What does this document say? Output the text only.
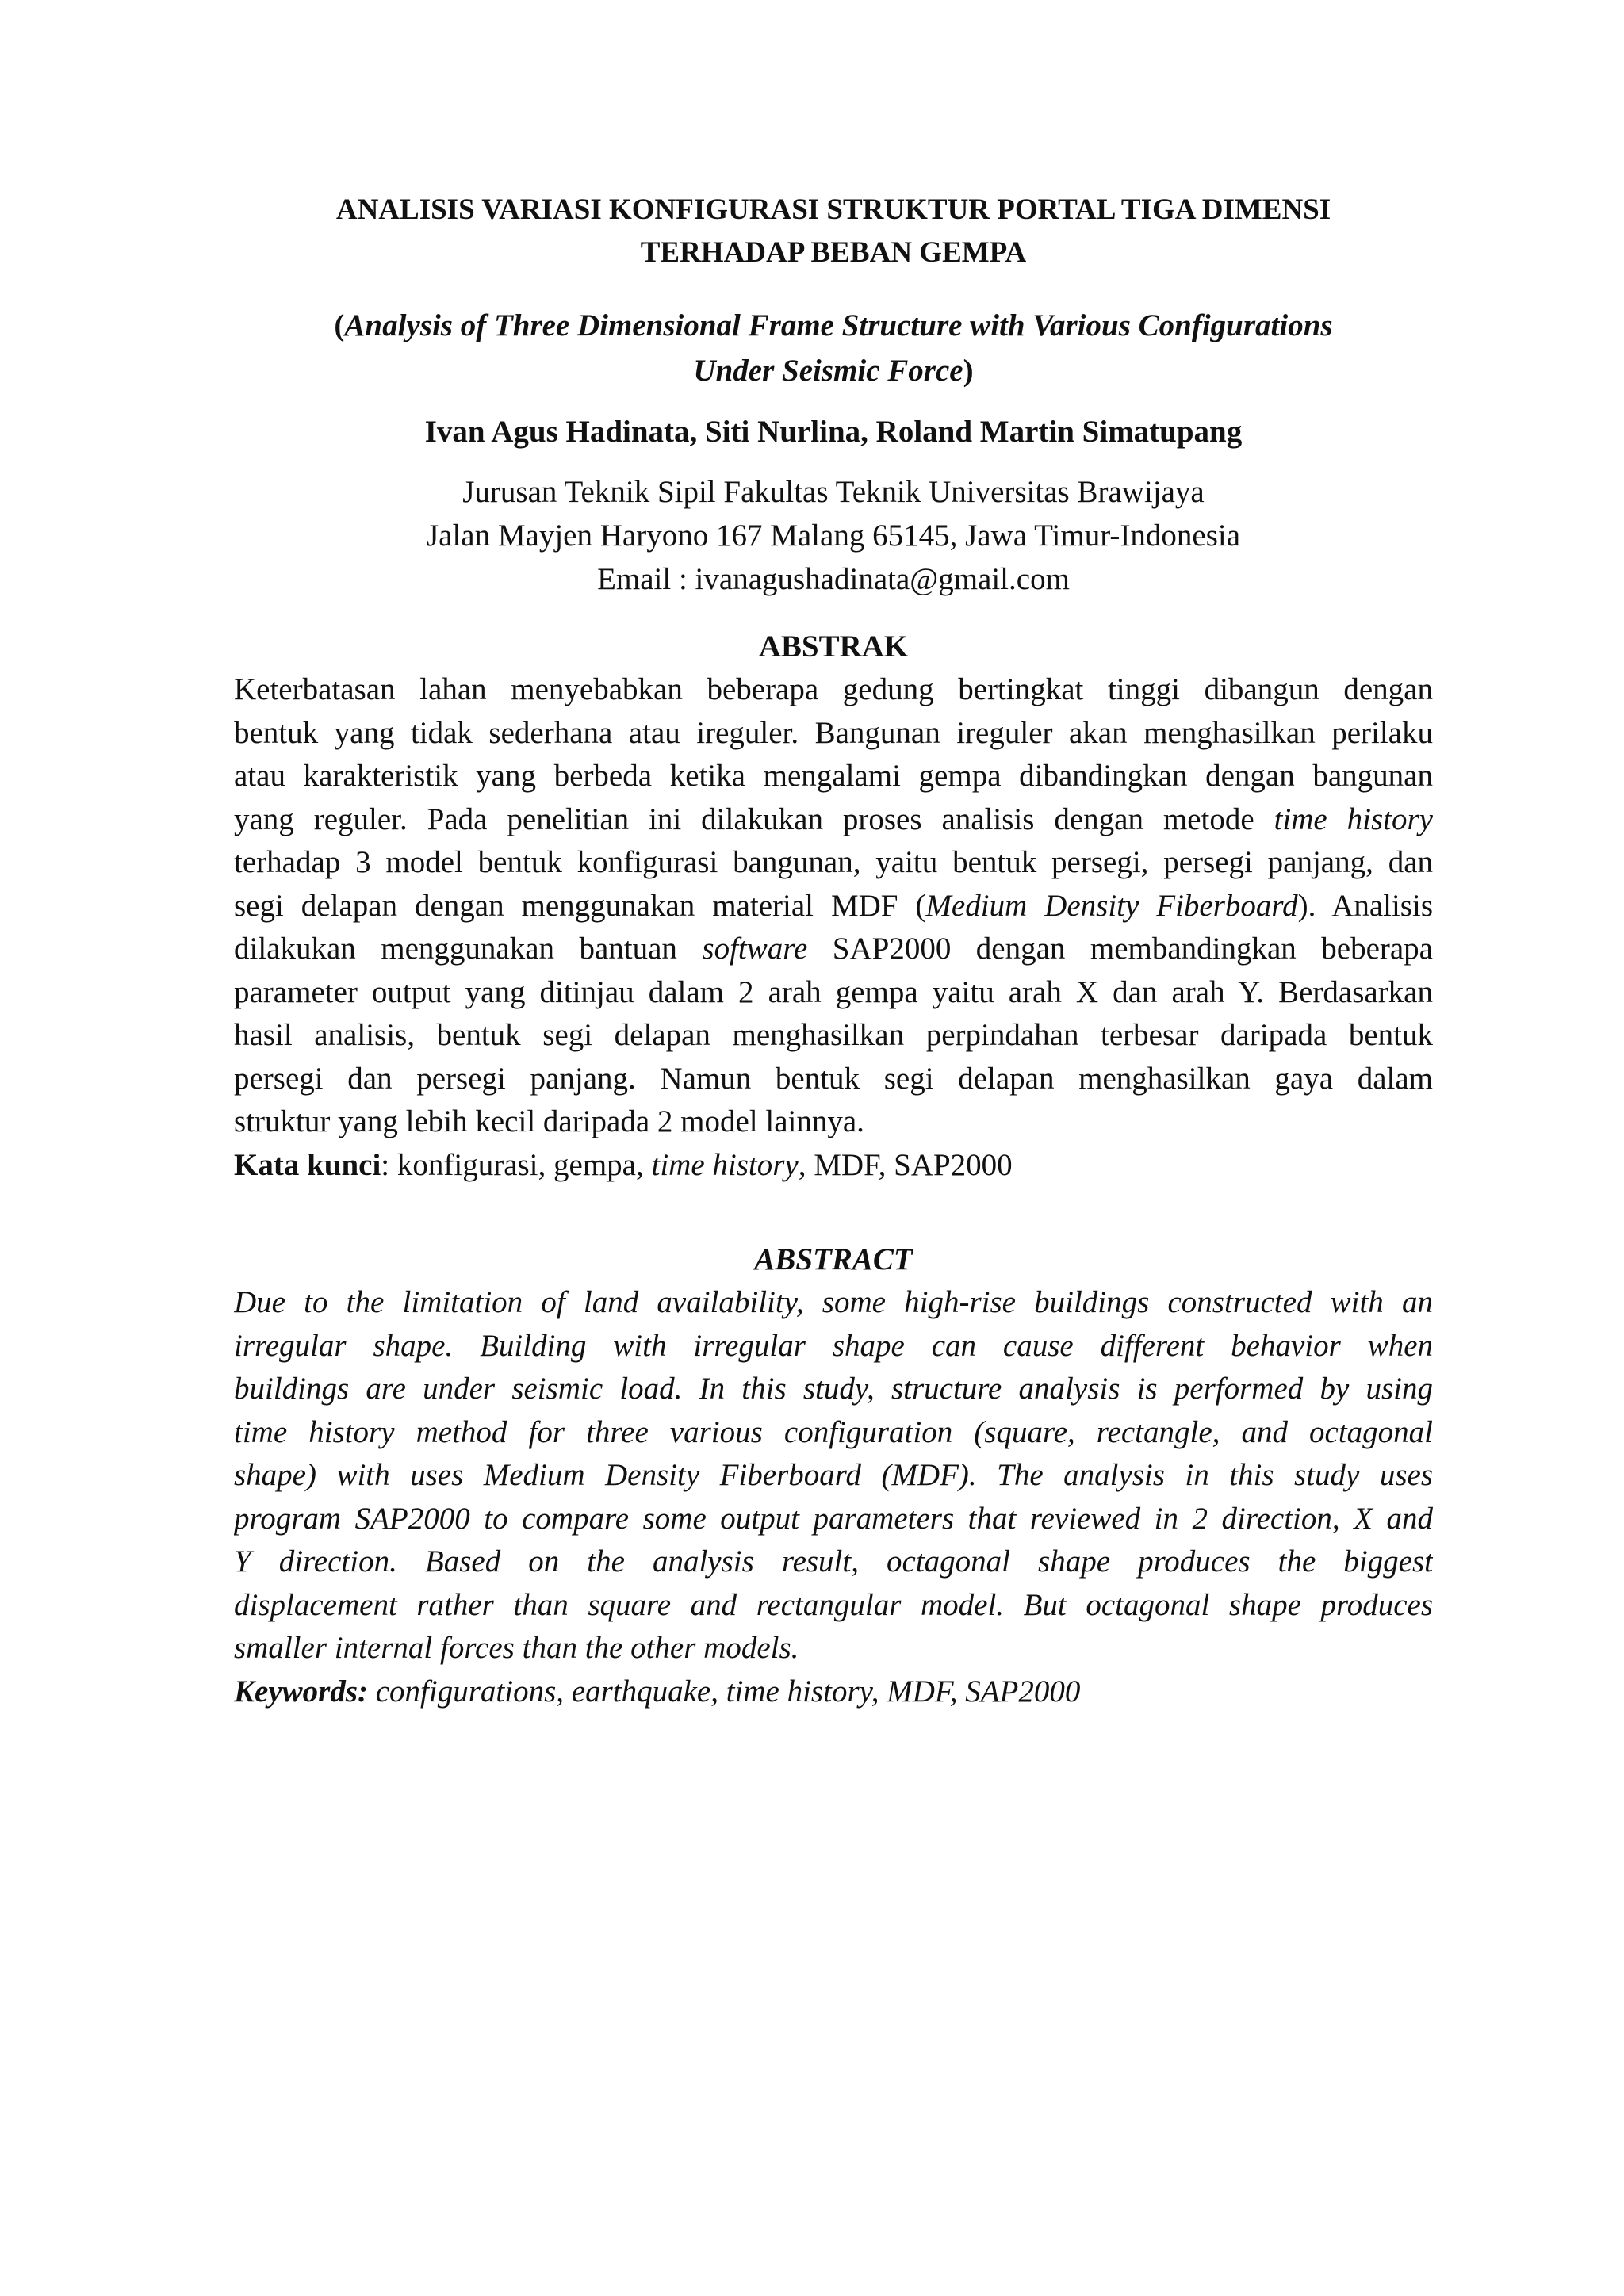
ANALISIS VARIASI KONFIGURASI STRUKTUR PORTAL TIGA DIMENSI
TERHADAP BEBAN GEMPA
(Analysis of Three Dimensional Frame Structure with Various Configurations
Under Seismic Force)
Ivan Agus Hadinata, Siti Nurlina, Roland Martin Simatupang
Jurusan Teknik Sipil Fakultas Teknik Universitas Brawijaya
Jalan Mayjen Haryono 167 Malang 65145, Jawa Timur-Indonesia
Email : ivanagushadinata@gmail.com
ABSTRAK
Keterbatasan lahan menyebabkan beberapa gedung bertingkat tinggi dibangun dengan
bentuk yang tidak sederhana atau ireguler. Bangunan ireguler akan menghasilkan perilaku
atau karakteristik yang berbeda ketika mengalami gempa dibandingkan dengan bangunan
yang reguler. Pada penelitian ini dilakukan proses analisis dengan metode time history
terhadap 3 model bentuk konfigurasi bangunan, yaitu bentuk persegi, persegi panjang, dan
segi delapan dengan menggunakan material MDF (Medium Density Fiberboard). Analisis
dilakukan menggunakan bantuan software SAP2000 dengan membandingkan beberapa
parameter output yang ditinjau dalam 2 arah gempa yaitu arah X dan arah Y. Berdasarkan
hasil analisis, bentuk segi delapan menghasilkan perpindahan terbesar daripada bentuk
persegi dan persegi panjang. Namun bentuk segi delapan menghasilkan gaya dalam
struktur yang lebih kecil daripada 2 model lainnya.
Kata kunci: konfigurasi, gempa, time history, MDF, SAP2000
ABSTRACT
Due to the limitation of land availability, some high-rise buildings constructed with an
irregular shape. Building with irregular shape can cause different behavior when
buildings are under seismic load. In this study, structure analysis is performed by using
time history method for three various configuration (square, rectangle, and octagonal
shape) with uses Medium Density Fiberboard (MDF). The analysis in this study uses
program SAP2000 to compare some output parameters that reviewed in 2 direction, X and
Y direction. Based on the analysis result, octagonal shape produces the biggest
displacement rather than square and rectangular model. But octagonal shape produces
smaller internal forces than the other models.
Keywords: configurations, earthquake, time history, MDF, SAP2000
